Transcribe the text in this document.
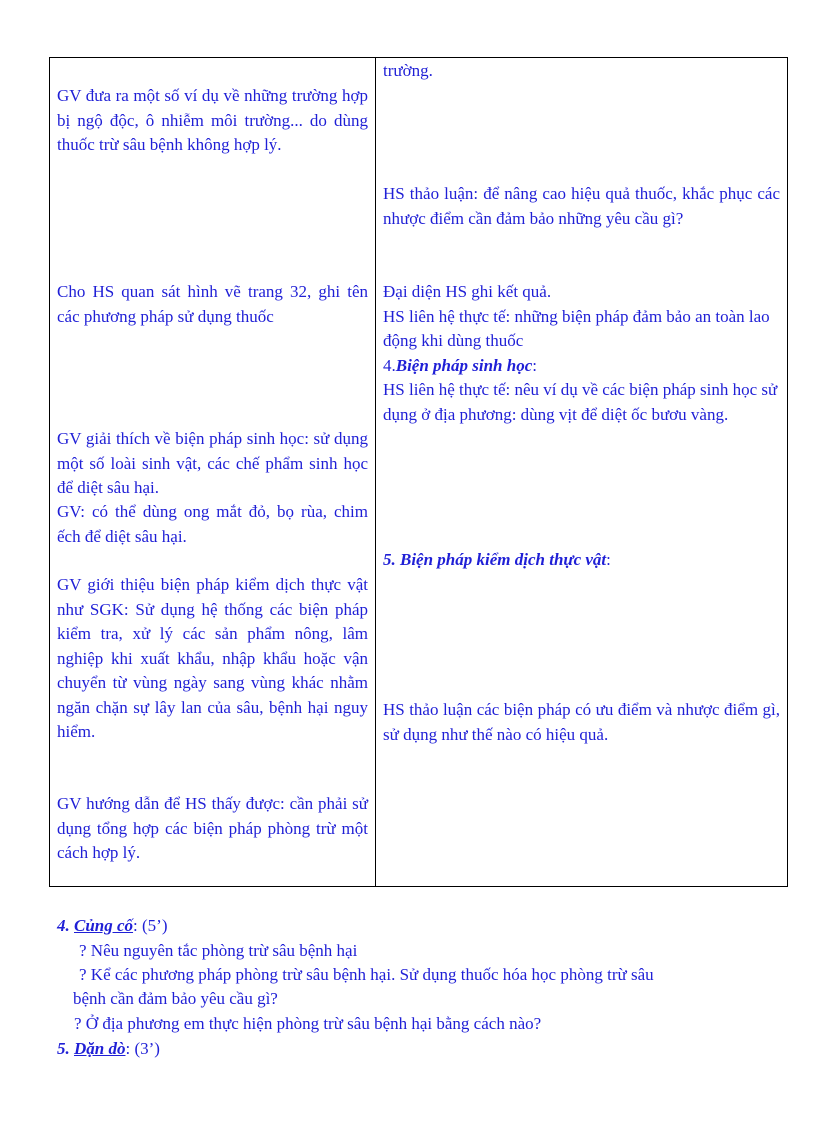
GV đưa ra một số ví dụ về những trường hợp bị ngộ độc, ô nhiễm môi trường... do dùng thuốc trừ sâu bệnh không hợp lý.
Cho HS quan sát hình vẽ trang 32, ghi tên các phương pháp sử dụng thuốc
GV giải thích về biện pháp sinh học: sử dụng một số loài sinh vật, các chế phẩm sinh học để diệt sâu hại.
GV: có thể dùng ong mắt đỏ, bọ rùa, chim ếch để diệt sâu hại.
GV giới thiệu biện pháp kiểm dịch thực vật như SGK: Sử dụng hệ thống các biện pháp kiểm tra, xử lý các sản phẩm nông, lâm nghiệp khi xuất khẩu, nhập khẩu hoặc vận chuyển từ vùng ngày sang vùng khác nhằm ngăn chặn sự lây lan của sâu, bệnh hại nguy hiểm.
GV hướng dẫn để HS thấy được: cần phải sử dụng tổng hợp các biện pháp phòng trừ một cách hợp lý.
trường.
HS thảo luận: để nâng cao hiệu quả thuốc, khắc phục các nhược điểm cần đảm bảo những yêu cầu gì?

Đại diện HS ghi kết quả.

HS liên hệ thực tế: những biện pháp đảm bảo an toàn lao động khi dùng thuốc

4.Biện pháp sinh học:

HS liên hệ thực tế: nêu ví dụ về các biện pháp sinh học sử dụng ở địa phương: dùng vịt để diệt ốc bươu vàng.

5. Biện pháp kiểm dịch thực vật:
HS thảo luận các biện pháp có ưu điểm và nhược điểm gì, sử dụng như thế nào có hiệu quả.
4. Củng cố: (5’)
? Nêu nguyên tắc phòng trừ sâu bệnh hại
? Kể các phương pháp phòng trừ sâu bệnh hại. Sử dụng thuốc hóa học phòng trừ sâu
bệnh cần đảm bảo yêu cầu gì?
? Ở địa phương em thực hiện phòng trừ sâu bệnh hại bằng cách nào?
5. Dặn dò: (3’)
